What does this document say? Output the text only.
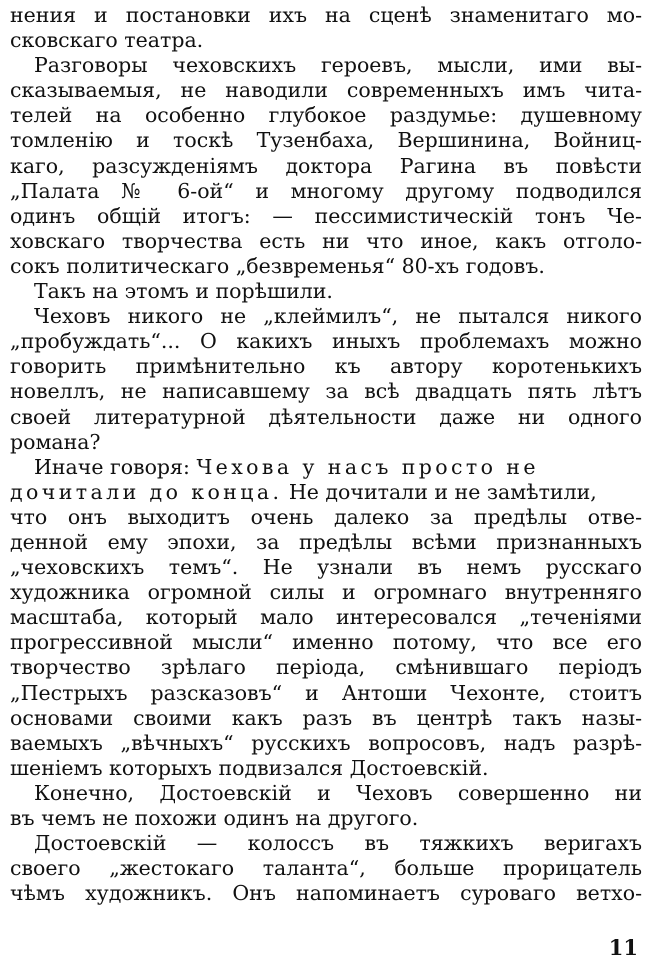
нения и постановки ихъ на сценѣ знаменитаго мо-
сковскаго театра.
Разговоры чеховскихъ героевъ, мысли, ими вы-
сказываемыя, не наводили современныхъ имъ чита-
телей на особенно глубокое раздумье: душевному
томленію и тоскѣ Тузенбаха, Вершинина, Войниц-
каго, разсужденіямъ доктора Рагина въ повѣсти
„Палата № 6-ой“ и многому другому подводился
одинъ общій итогъ: — пессимистическій тонъ Че-
ховскаго творчества есть ни что иное, какъ отголо-
сокъ политическаго „безвременья“ 80-хъ годовъ.
Такъ на этомъ и порѣшили.
Чеховъ никого не „клеймилъ“, не пытался никого
„пробуждать“... О какихъ иныхъ проблемахъ можно
говорить примѣнительно къ автору коротенькихъ
новеллъ, не написавшему за всѣ двадцать пять лѣтъ
своей литературной дѣятельности даже ни одного
романа?
Иначе говоря: Чехова у насъ просто не
дочитали до конца. Не дочитали и не замѣтили,
что онъ выходитъ очень далеко за предѣлы отве-
денной ему эпохи, за предѣлы всѣми признанныхъ
„чеховскихъ темъ“. Не узнали въ немъ русскаго
художника огромной силы и огромнаго внутренняго
масштаба, который мало интересовался „теченіями
прогрессивной мысли“ именно потому, что все его
творчество зрѣлаго періода, смѣнившаго періодъ
„Пестрыхъ разсказовъ“ и Антоши Чехонте, стоитъ
основами своими какъ разъ въ центрѣ такъ назы-
ваемыхъ „вѣчныхъ“ русскихъ вопросовъ, надъ разрѣ-
шеніемъ которыхъ подвизался Достоевскій.
Конечно, Достоевскій и Чеховъ совершенно ни
въ чемъ не похожи одинъ на другого.
Достоевскій — колоссъ въ тяжкихъ веригахъ
своего „жестокаго таланта“, больше прорицатель
чѣмъ художникъ. Онъ напоминаетъ суроваго ветхо-
11
